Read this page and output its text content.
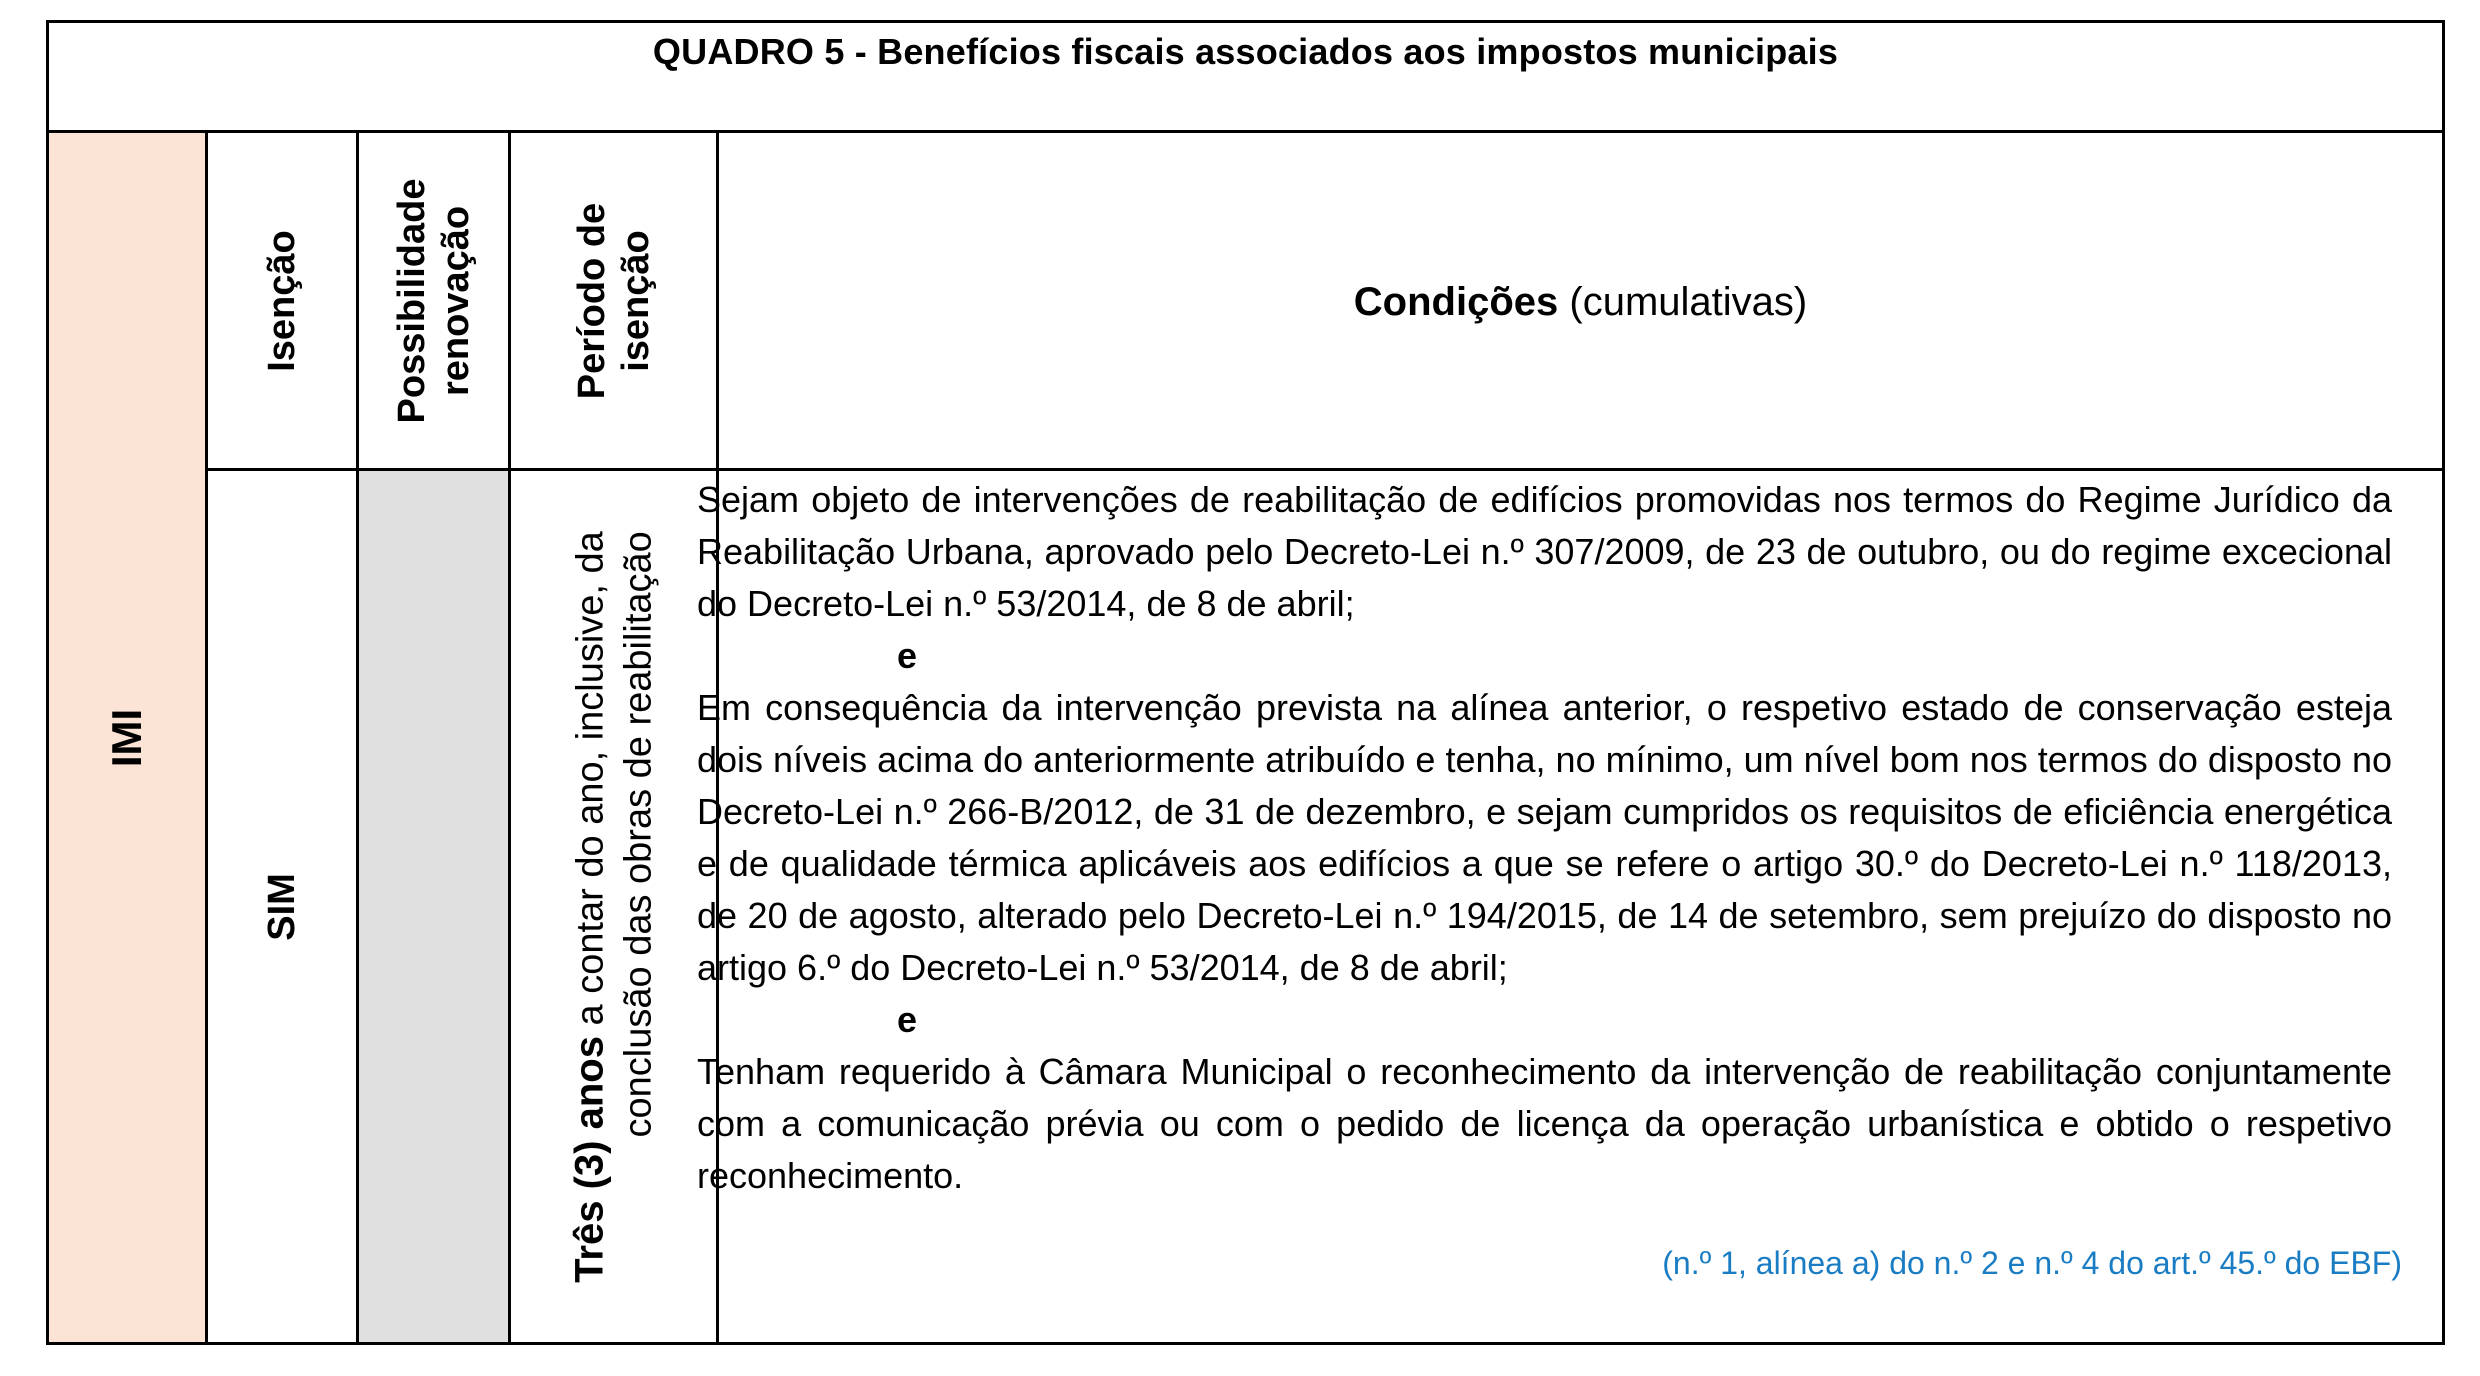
QUADRO 5 - Benefícios fiscais associados aos impostos municipais
IMI
Isenção Possibilidade renovação Período de isenção	Condições (cumulativas)
SIM
Três (3) anos a contar do ano, inclusive, da conclusão das obras de reabilitação

Sejam objeto de intervenções de reabilitação de edifícios promovidas nos termos do Regime Jurídico da Reabilitação Urbana, aprovado pelo Decreto-Lei n.º 307/2009, de 23 de outubro, ou do regime excecional do Decreto-Lei n.º 53/2014, de 8 de abril;

e

Em consequência da intervenção prevista na alínea anterior, o respetivo estado de conservação esteja dois níveis acima do anteriormente atribuído e tenha, no mínimo, um nível bom nos termos do disposto no Decreto-Lei n.º 266-B/2012, de 31 de dezembro, e sejam cumpridos os requisitos de eficiência energética e de qualidade térmica aplicáveis aos edifícios a que se refere o artigo 30.º do Decreto-Lei n.º 118/2013, de 20 de agosto, alterado pelo Decreto-Lei n.º 194/2015, de 14 de setembro, sem prejuízo do disposto no artigo 6.º do Decreto-Lei n.º 53/2014, de 8 de abril;

e

Tenham requerido à Câmara Municipal o reconhecimento da intervenção de reabilitação conjuntamente com a comunicação prévia ou com o pedido de licença da operação urbanística e obtido o respetivo reconhecimento.

(n.º 1, alínea a) do n.º 2 e n.º 4 do art.º 45.º do EBF)
